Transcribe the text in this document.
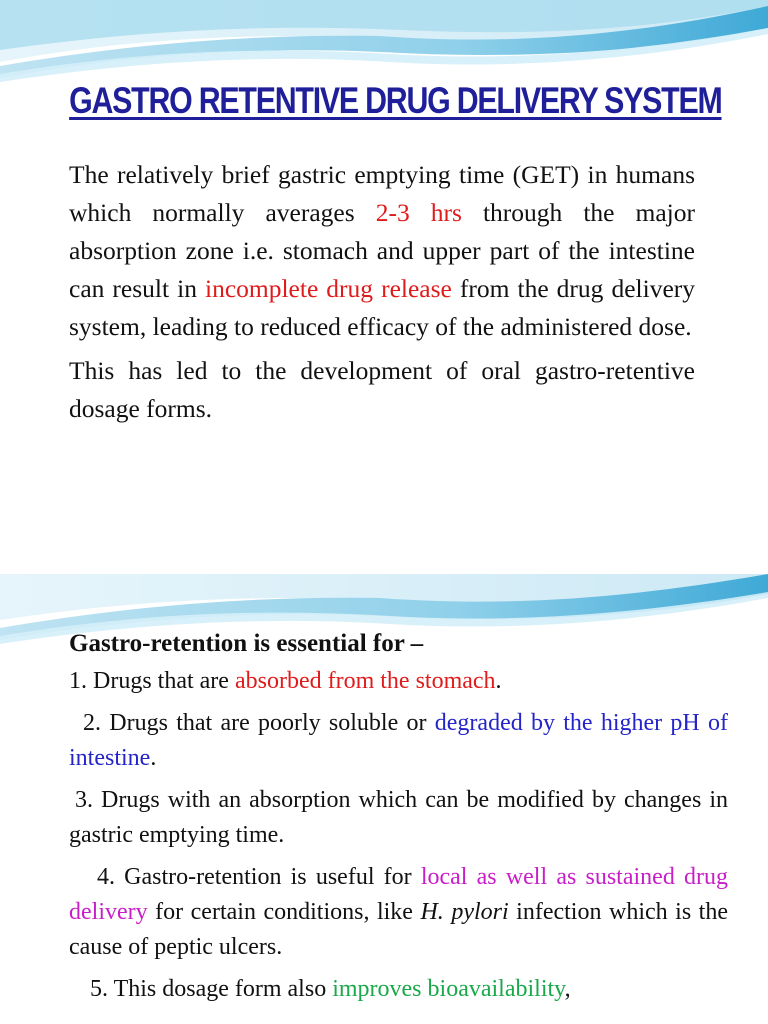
GASTRO RETENTIVE DRUG DELIVERY SYSTEM

The relatively brief gastric emptying time (GET) in humans which normally averages 2-3 hrs through the major absorption zone i.e. stomach and upper part of the intestine can result in incomplete drug release from the drug delivery system, leading to reduced efficacy of the administered dose.

This has led to the development of oral gastro-retentive dosage forms.

Gastro-retention is essential for –

1. Drugs that are absorbed from the stomach.

2. Drugs that are poorly soluble or degraded by the higher pH of intestine.

3. Drugs with an absorption which can be modified by changes in gastric emptying time.

4. Gastro-retention is useful for local as well as sustained drug delivery for certain conditions, like H. pylori infection which is the cause of peptic ulcers.

5. This dosage form also improves bioavailability,
